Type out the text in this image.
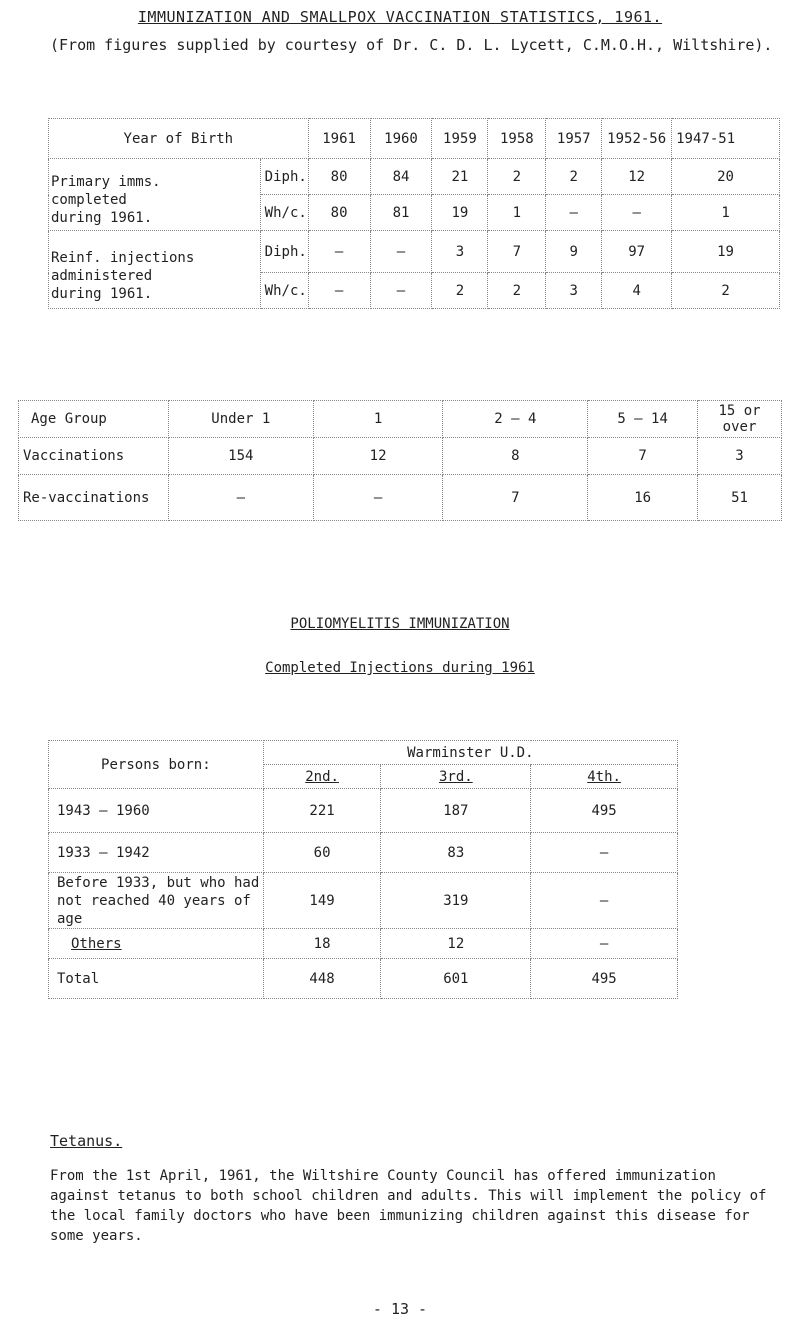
IMMUNIZATION AND SMALLPOX VACCINATION STATISTICS, 1961.
(From figures supplied by courtesy of Dr. C. D. L. Lycett, C.M.O.H., Wiltshire).
Year of Birth		1961	1960	1959	1958	1957	1952-56	1947-51

Primary imms.
completed
during 1961.	Diph.	80	84	21	2	2	12	20
	Wh/c.	80	81	19	1	–	–	1

Reinf. injections
administered
during 1961.	Diph.	–	–	3	7	9	97	19
	Wh/c.	–	–	2	2	3	4	2
Age Group	Under 1	1	2 – 4	5 – 14	15 or over
Vaccinations	154	12	8	7	3
Re-vaccinations	–	–	7	16	51
POLIOMYELITIS IMMUNIZATION
Completed Injections during 1961
Persons born:	Warminster U.D.		
	2nd.	3rd.	4th.
1943 – 1960	221	187	495
1933 – 1942	60	83	–
Before 1933, but who had not reached 40 years of age	149	319	–
Others	18	12	–
Total	448	601	495
Tetanus.
From the 1st April, 1961, the Wiltshire County Council has offered immunization against tetanus to both school children and adults. This will implement the policy of the local family doctors who have been immunizing children against this disease for some years.
- 13 -
